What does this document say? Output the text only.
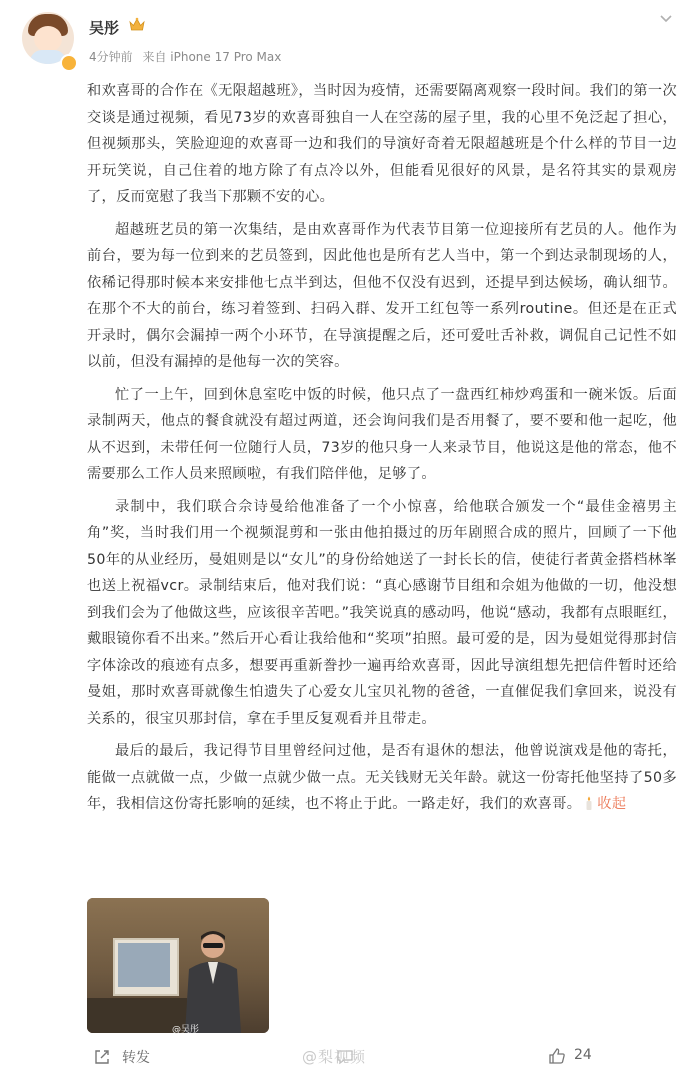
吴彤
4分钟前 来自 iPhone 17 Pro Max

和欢喜哥的合作在《无限超越班》，当时因为疫情，还需要隔离观察一段时间。我们的第一次交谈是通过视频，看见73岁的欢喜哥独自一人在空荡的屋子里，我的心里不免泛起了担心，但视频那头，笑脸迎迎的欢喜哥一边和我们的导演好奇着无限超越班是个什么样的节目一边开玩笑说，自己住着的地方除了有点冷以外，但能看见很好的风景，是名符其实的景观房了，反而宽慰了我当下那颗不安的心。

超越班艺员的第一次集结，是由欢喜哥作为代表节目第一位迎接所有艺员的人。他作为前台，要为每一位到来的艺员签到，因此他也是所有艺人当中，第一个到达录制现场的人，依稀记得那时候本来安排他七点半到达，但他不仅没有迟到，还提早到达候场，确认细节。在那个不大的前台，练习着签到、扫码入群、发开工红包等一系列routine。但还是在正式开录时，偶尔会漏掉一两个小环节，在导演提醒之后，还可爱吐舌补救，调侃自己记性不如以前，但没有漏掉的是他每一次的笑容。

忙了一上午，回到休息室吃中饭的时候，他只点了一盘西红柿炒鸡蛋和一碗米饭。后面录制两天，他点的餐食就没有超过两道，还会询问我们是否用餐了，要不要和他一起吃，他从不迟到，未带任何一位随行人员，73岁的他只身一人来录节目，他说这是他的常态，他不需要那么工作人员来照顾啦，有我们陪伴他，足够了。

录制中，我们联合佘诗曼给他准备了一个小惊喜，给他联合颁发一个“最佳金禧男主角”奖，当时我们用一个视频混剪和一张由他拍摄过的历年剧照合成的照片，回顾了一下他50年的从业经历，曼姐则是以“女儿”的身份给她送了一封长长的信，使徒行者黄金搭档林峯也送上祝福vcr。录制结束后，他对我们说：“真心感谢节目组和佘姐为他做的一切，他没想到我们会为了他做这些，应该很辛苦吧。”我笑说真的感动吗，他说“感动，我都有点眼眶红，戴眼镜你看不出来。”然后开心看让我给他和“奖项”拍照。最可爱的是，因为曼姐觉得那封信字体涂改的痕迹有点多，想要再重新誊抄一遍再给欢喜哥，因此导演组想先把信件暂时还给曼姐，那时欢喜哥就像生怕遗失了心爱女儿宝贝礼物的爸爸，一直催促我们拿回来，说没有关系的，很宝贝那封信，拿在手里反复观看并且带走。

最后的最后，我记得节目里曾经问过他，是否有退休的想法，他曾说演戏是他的寄托，能做一点就做一点，少做一点就少做一点。无关钱财无关年龄。就这一份寄托他坚持了50多年，我相信这份寄托影响的延续，也不将止于此。一路走好，我们的欢喜哥。 收起

@吴彤
转发	@梨视频	24
